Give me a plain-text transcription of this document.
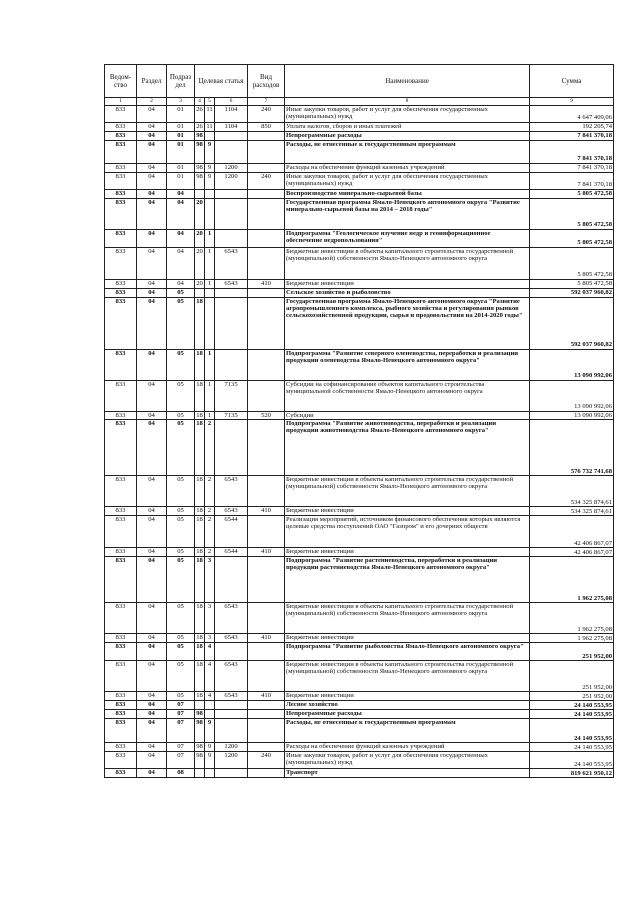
Ведом-ство	Раздел	Подраз дел	Целевая статья			Вид расходов	Наименование	Сумма
1	2	3	4	5	6	7	8	9
833	04	01	26	11	1104	240	Иные закупки товаров, работ и услуг для обеспечения государственных (муниципальных) нужд	4 647 409,06
833	04	01	26	11	1104	850	Уплата налогов, сборов и иных платежей	192 205,74
833	04	01	98				Непрограммные расходы	7 841 370,18
833	04	01	98	9			Расходы, не отнесенные к государственным программам	7 841 370,18
833	04	01	98	9	1200		Расходы на обеспечение функций казенных учреждений	7 841 370,18
833	04	01	98	9	1200	240	Иные закупки товаров, работ и услуг для обеспечения государственных (муниципальных) нужд	7 841 370,18
833	04	04					Воспроизводство минерально-сырьевой базы	5 805 472,58
833	04	04	20				Государственная программа Ямало-Ненецкого автономного округа "Развитие минерально-сырьевой базы на 2014 – 2018 годы"	5 805 472,58
833	04	04	20	1			Подпрограмма "Геологическое изучение недр и геоинформационное обеспечение недропользования"	5 805 472,58
833	04	04	20	1	6543		Бюджетные инвестиции в объекты капитального строительства государственной (муниципальной) собственности Ямало-Ненецкого автономного округа	5 805 472,58
833	04	04	20	1	6543	410	Бюджетные инвестиции	5 805 472,58
833	04	05					Сельское хозяйство и рыболовство	592 037 960,82
833	04	05	18				Государственная программа Ямало-Ненецкого автономного округа "Развитие агропромышленного комплекса, рыбного хозяйства и регулирования рынков сельскохозяйственной продукции, сырья и продовольствия на 2014-2020 годы"	592 037 960,82
833	04	05	18	1			Подпрограмма "Развитие северного оленеводства, переработки и реализации продукции оленеводства Ямало-Ненецкого автономного округа"	13 090 992,06
833	04	05	18	1	7135		Субсидии на софинансирование объектов капитального строительства муниципальной собственности Ямало-Ненецкого автономного округа	13 090 992,06
833	04	05	18	1	7135	520	Субсидии	13 090 992,06
833	04	05	18	2			Подпрограмма "Развитие животноводства, переработки и реализации продукции животноводства Ямало-Ненецкого автономного округа"	576 732 741,68
833	04	05	18	2	6543		Бюджетные инвестиции в объекты капитального строительства государственной (муниципальной) собственности Ямало-Ненецкого автономного округа	534 325 874,61
833	04	05	18	2	6543	410	Бюджетные инвестиции	534 325 874,61
833	04	05	18	2	6544		Реализация мероприятий, источником финансового обеспечения которых являются целевые средства поступлений ОАО "Газпром" и его дочерних обществ	42 406 867,07
833	04	05	18	2	6544	410	Бюджетные инвестиции	42 406 867,07
833	04	05	18	3			Подпрограмма "Развитие растениеводства, переработки и реализации продукции растениеводства Ямало-Ненецкого автономного округа"	1 962 275,08
833	04	05	18	3	6543		Бюджетные инвестиции в объекты капитального строительства государственной (муниципальной) собственности Ямало-Ненецкого автономного округа	1 962 275,08
833	04	05	18	3	6543	410	Бюджетные инвестиции	1 962 275,08
833	04	05	18	4			Подпрограмма "Развитие рыболовства Ямало-Ненецкого автономного округа"	251 952,00
833	04	05	18	4	6543		Бюджетные инвестиции в объекты капитального строительства государственной (муниципальной) собственности Ямало-Ненецкого автономного округа	251 952,00
833	04	05	18	4	6543	410	Бюджетные инвестиции	251 952,00
833	04	07					Лесное хозяйство	24 140 553,95
833	04	07	98				Непрограммные расходы	24 140 553,95
833	04	07	98	9			Расходы, не отнесенные к государственным программам	24 140 553,95
833	04	07	98	9	1200		Расходы на обеспечение функций казенных учреждений	24 140 553,95
833	04	07	98	9	1200	240	Иные закупки товаров, работ и услуг для обеспечения государственных (муниципальных) нужд	24 140 553,95
833	04	08					Транспорт	819 621 950,12
